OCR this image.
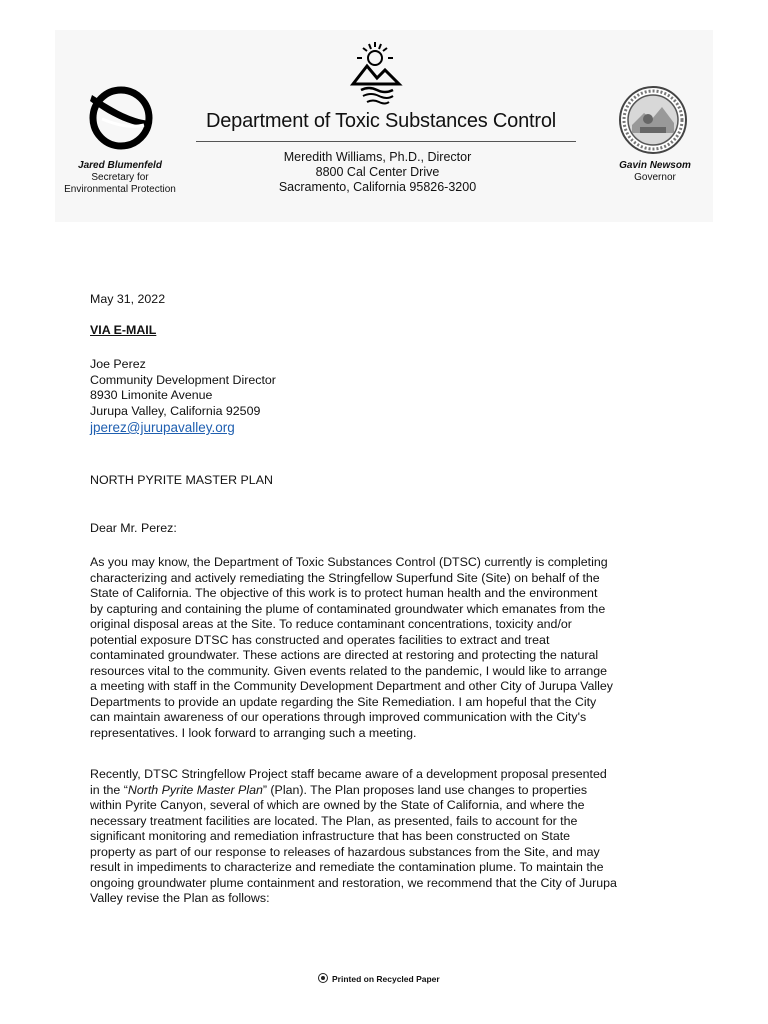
Jared Blumenfeld
Secretary for
Environmental Protection
Department of Toxic Substances Control
Meredith Williams, Ph.D., Director
8800 Cal Center Drive
Sacramento, California 95826-3200
Gavin Newsom
Governor
May 31, 2022
VIA E-MAIL
Joe Perez
Community Development Director
8930 Limonite Avenue
Jurupa Valley, California 92509
jperez@jurupavalley.org
NORTH PYRITE MASTER PLAN
Dear Mr. Perez:
As you may know, the Department of Toxic Substances Control (DTSC) currently is completing
characterizing and actively remediating the Stringfellow Superfund Site (Site) on behalf of the
State of California. The objective of this work is to protect human health and the environment
by capturing and containing the plume of contaminated groundwater which emanates from the
original disposal areas at the Site. To reduce contaminant concentrations, toxicity and/or
potential exposure DTSC has constructed and operates facilities to extract and treat
contaminated groundwater. These actions are directed at restoring and protecting the natural
resources vital to the community. Given events related to the pandemic, I would like to arrange
a meeting with staff in the Community Development Department and other City of Jurupa Valley
Departments to provide an update regarding the Site Remediation. I am hopeful that the City
can maintain awareness of our operations through improved communication with the City's
representatives. I look forward to arranging such a meeting.
Recently, DTSC Stringfellow Project staff became aware of a development proposal presented
in the “North Pyrite Master Plan” (Plan). The Plan proposes land use changes to properties
within Pyrite Canyon, several of which are owned by the State of California, and where the
necessary treatment facilities are located. The Plan, as presented, fails to account for the
significant monitoring and remediation infrastructure that has been constructed on State
property as part of our response to releases of hazardous substances from the Site, and may
result in impediments to characterize and remediate the contamination plume. To maintain the
ongoing groundwater plume containment and restoration, we recommend that the City of Jurupa
Valley revise the Plan as follows:
Printed on Recycled Paper
